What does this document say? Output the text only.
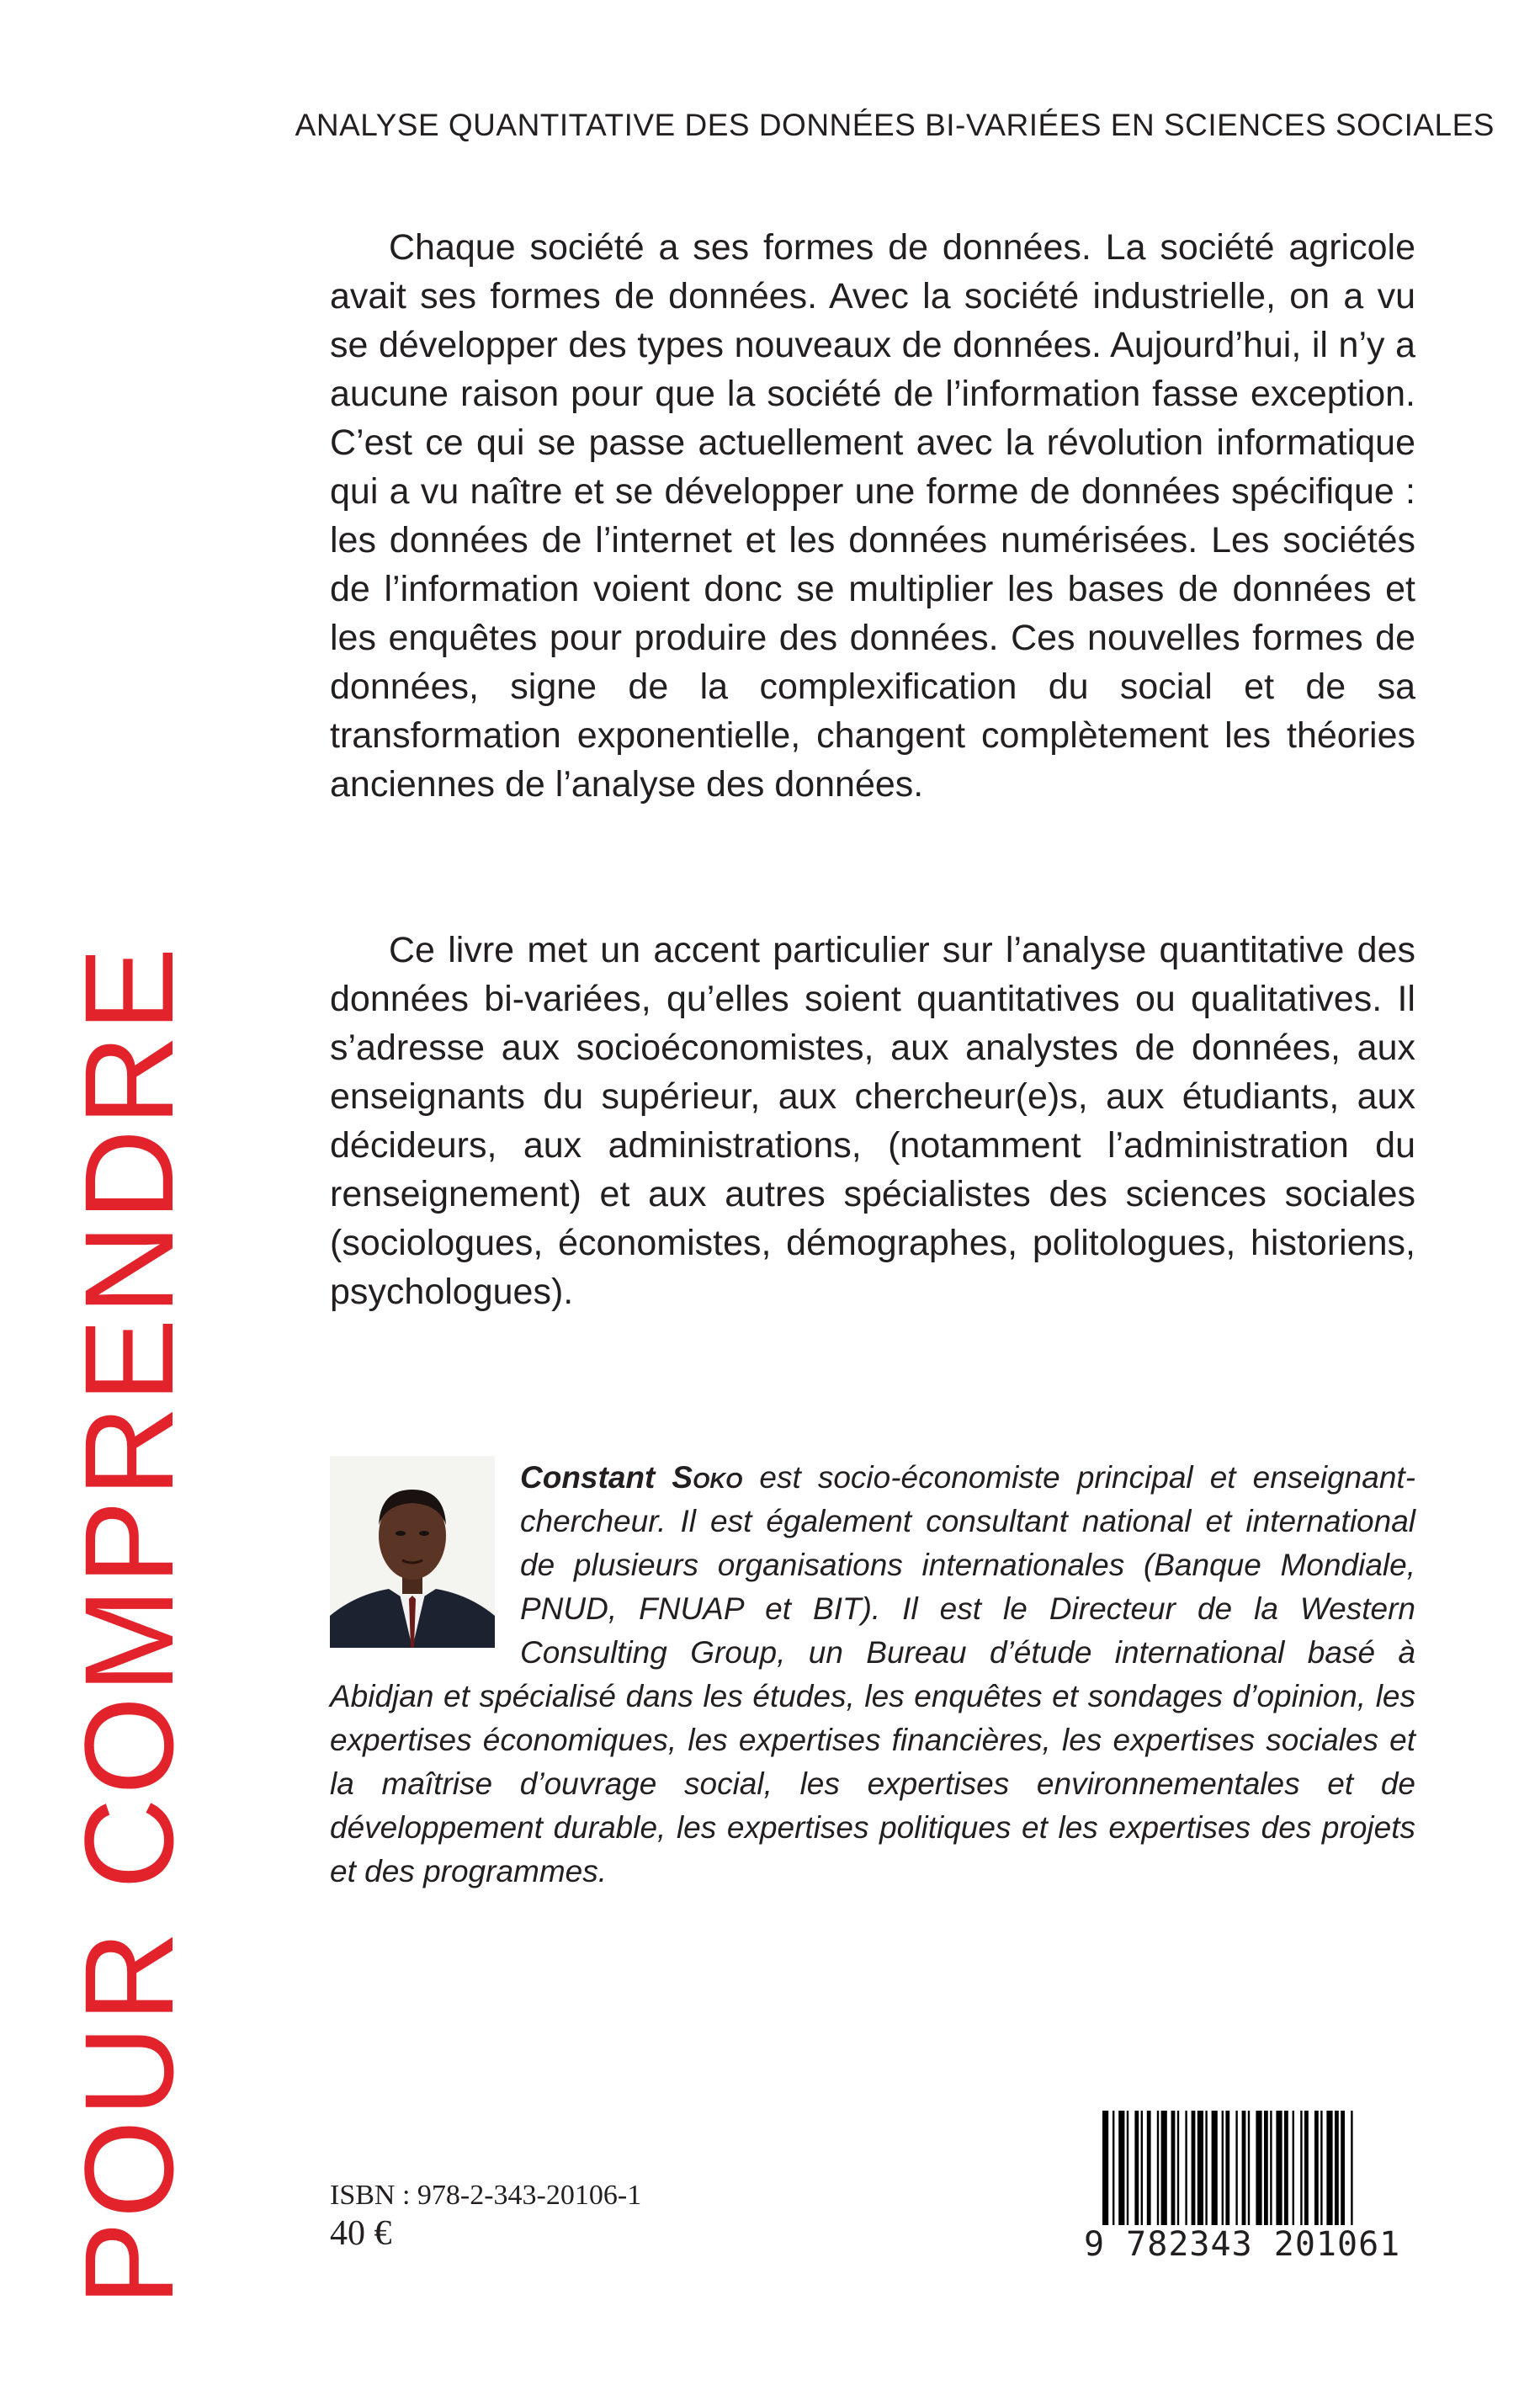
ANALYSE QUANTITATIVE DES DONNÉES BI-VARIÉES EN SCIENCES SOCIALES
POUR COMPRENDRE

Chaque société a ses formes de données. La société agricole avait ses formes de données. Avec la société industrielle, on a vu se développer des types nouveaux de données. Aujourd’hui, il n’y a aucune raison pour que la société de l’information fasse exception. C’est ce qui se passe actuellement avec la révolution informatique qui a vu naître et se développer une forme de données spécifique : les données de l’internet et les données numérisées. Les sociétés de l’information voient donc se multiplier les bases de données et les enquêtes pour produire des données. Ces nouvelles formes de données, signe de la complexification du social et de sa transformation exponentielle, changent complètement les théories anciennes de l’analyse des données.

Ce livre met un accent particulier sur l’analyse quantitative des données bi-variées, qu’elles soient quantitatives ou qualitatives. Il s’adresse aux socioéconomistes, aux analystes de données, aux enseignants du supérieur, aux chercheur(e)s, aux étudiants, aux décideurs, aux administrations, (notamment l’administration du renseignement) et aux autres spécialistes des sciences sociales (sociologues, économistes, démographes, politologues, historiens, psychologues).

Constant Soko est socio-économiste principal et enseignant-chercheur. Il est également consultant national et international de plusieurs organisations internationales (Banque Mondiale, PNUD, FNUAP et BIT). Il est le Directeur de la Western Consulting Group, un Bureau d’étude international basé à Abidjan et spécialisé dans les études, les enquêtes et sondages d’opinion, les expertises économiques, les expertises financières, les expertises sociales et la maîtrise d’ouvrage social, les expertises environnementales et de développement durable, les expertises politiques et les expertises des projets et des programmes.
ISBN : 978-2-343-20106-1
40 €	9 782343 201061
